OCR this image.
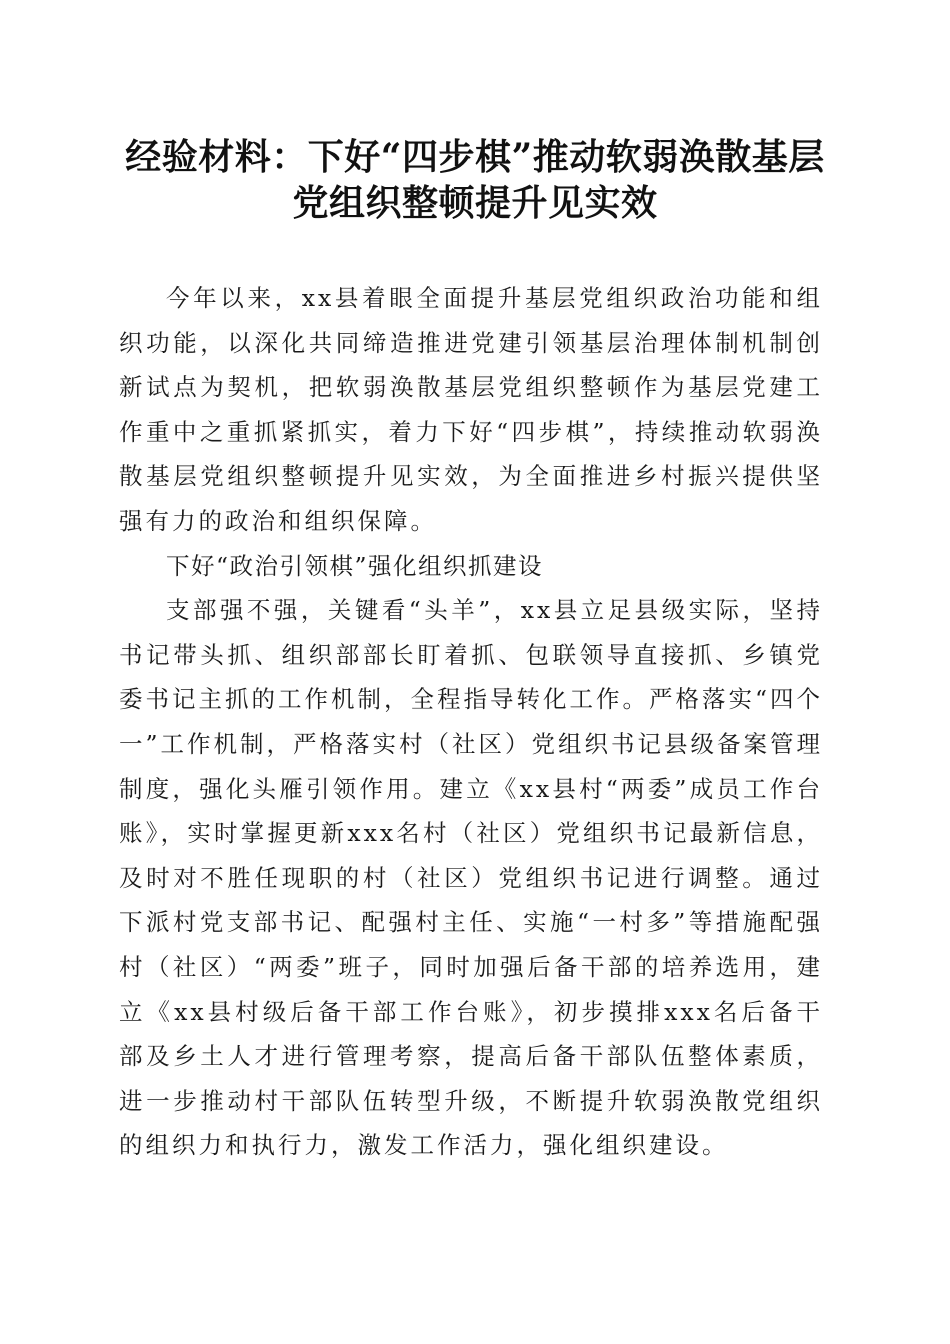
经验材料：下好“四步棋”推动软弱涣散基层
党组织整顿提升见实效

今年以来，xx县着眼全面提升基层党组织政治功能和组织功能，以深化共同缔造推进党建引领基层治理体制机制创新试点为契机，把软弱涣散基层党组织整顿作为基层党建工作重中之重抓紧抓实，着力下好“四步棋”，持续推动软弱涣散基层党组织整顿提升见实效，为全面推进乡村振兴提供坚强有力的政治和组织保障。

下好“政治引领棋”强化组织抓建设

支部强不强，关键看“头羊”，xx县立足县级实际，坚持书记带头抓、组织部部长盯着抓、包联领导直接抓、乡镇党委书记主抓的工作机制，全程指导转化工作。严格落实“四个一”工作机制，严格落实村（社区）党组织书记县级备案管理制度，强化头雁引领作用。建立《xx县村“两委”成员工作台账》，实时掌握更新xxx名村（社区）党组织书记最新信息，及时对不胜任现职的村（社区）党组织书记进行调整。通过下派村党支部书记、配强村主任、实施“一村多”等措施配强村（社区）“两委”班子，同时加强后备干部的培养选用，建立《xx县村级后备干部工作台账》，初步摸排xxx名后备干部及乡土人才进行管理考察，提高后备干部队伍整体素质，进一步推动村干部队伍转型升级，不断提升软弱涣散党组织的组织力和执行力，激发工作活力，强化组织建设。
